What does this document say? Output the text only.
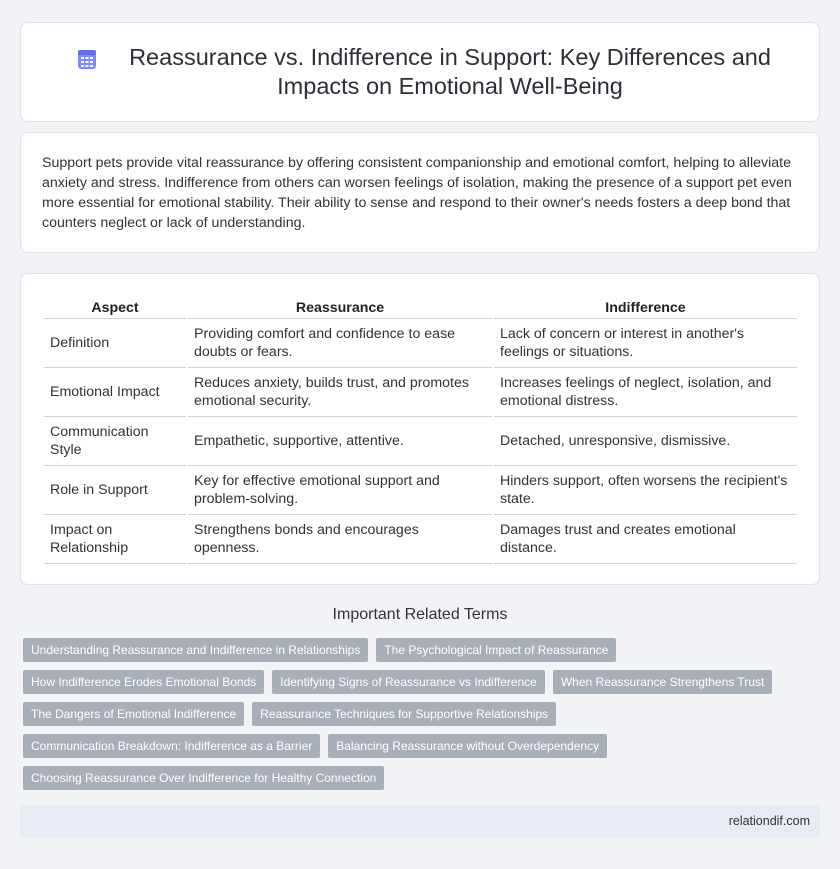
Reassurance vs. Indifference in Support: Key Differences and Impacts on Emotional Well-Being

Support pets provide vital reassurance by offering consistent companionship and emotional comfort, helping to alleviate anxiety and stress. Indifference from others can worsen feelings of isolation, making the presence of a support pet even more essential for emotional stability. Their ability to sense and respond to their owner's needs fosters a deep bond that counters neglect or lack of understanding.

Aspect	Reassurance	Indifference
Definition	Providing comfort and confidence to ease doubts or fears.	Lack of concern or interest in another's feelings or situations.
Emotional Impact	Reduces anxiety, builds trust, and promotes emotional security.	Increases feelings of neglect, isolation, and emotional distress.
Communication Style	Empathetic, supportive, attentive.	Detached, unresponsive, dismissive.
Role in Support	Key for effective emotional support and problem-solving.	Hinders support, often worsens the recipient's state.
Impact on Relationship	Strengthens bonds and encourages openness.	Damages trust and creates emotional distance.
Important Related Terms
Understanding Reassurance and Indifference in Relationships	The Psychological Impact of Reassurance
How Indifference Erodes Emotional Bonds	Identifying Signs of Reassurance vs Indifference	When Reassurance Strengthens Trust
The Dangers of Emotional Indifference	Reassurance Techniques for Supportive Relationships
Communication Breakdown: Indifference as a Barrier	Balancing Reassurance without Overdependency
Choosing Reassurance Over Indifference for Healthy Connection
relationdif.com
